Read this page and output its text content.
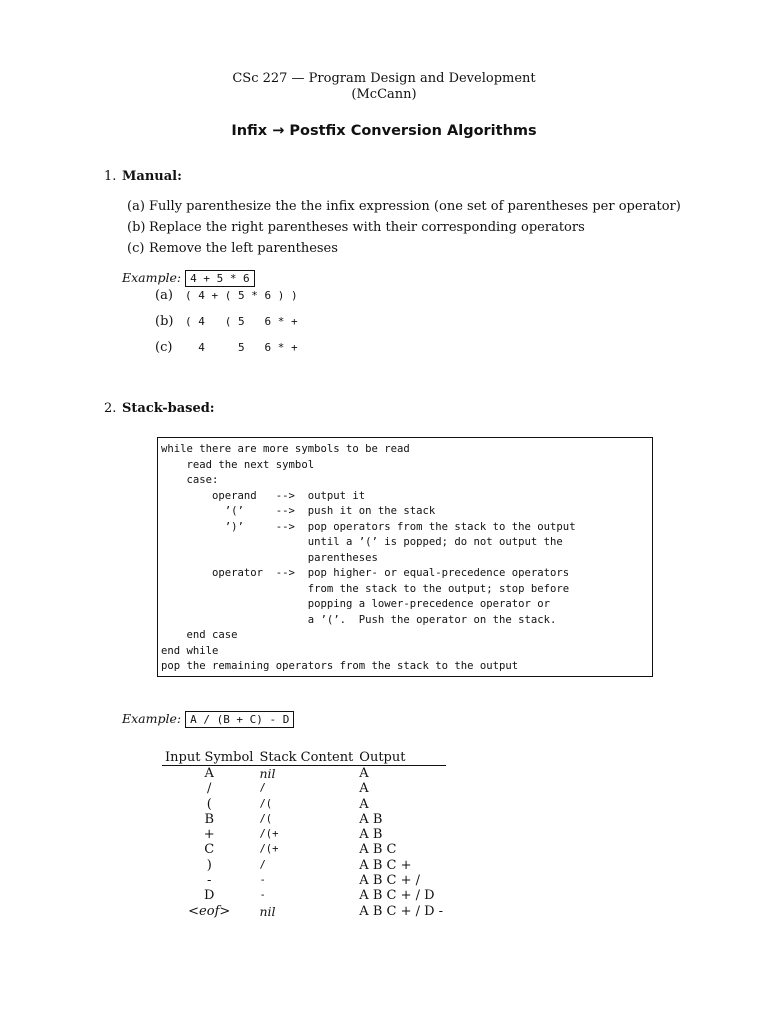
CSc 227 — Program Design and Development
(McCann)
Infix → Postfix Conversion Algorithms
1. Manual:
(a) Fully parenthesize the the infix expression (one set of parentheses per operator)
(b) Replace the right parentheses with their corresponding operators
(c) Remove the left parentheses
Example: 4 + 5 * 6
(a) ( 4 + ( 5 * 6 ) )
(b) ( 4   ( 5   6 * +
(c)  4     5   6 * +
2. Stack-based:
while there are more symbols to be read
read the next symbol
case:
operand   -->  output it
’(’     -->  push it on the stack
’)’     -->  pop operators from the stack to the output
until a ’(’ is popped; do not output the
parentheses
operator  -->  pop higher- or equal-precedence operators
from the stack to the output; stop before
popping a lower-precedence operator or
a ’(’.  Push the operator on the stack.
end case
end while
pop the remaining operators from the stack to the output
Example: A / (B + C) - D
Input Symbol	Stack Content	Output
A	nil	A
/	/	A
(	/(	A
B	/(	A B
+	/(+	A B
C	/(+	A B C
)	/	A B C +
-	-	A B C + /
D	-	A B C + / D
<eof>	nil	A B C + / D -
